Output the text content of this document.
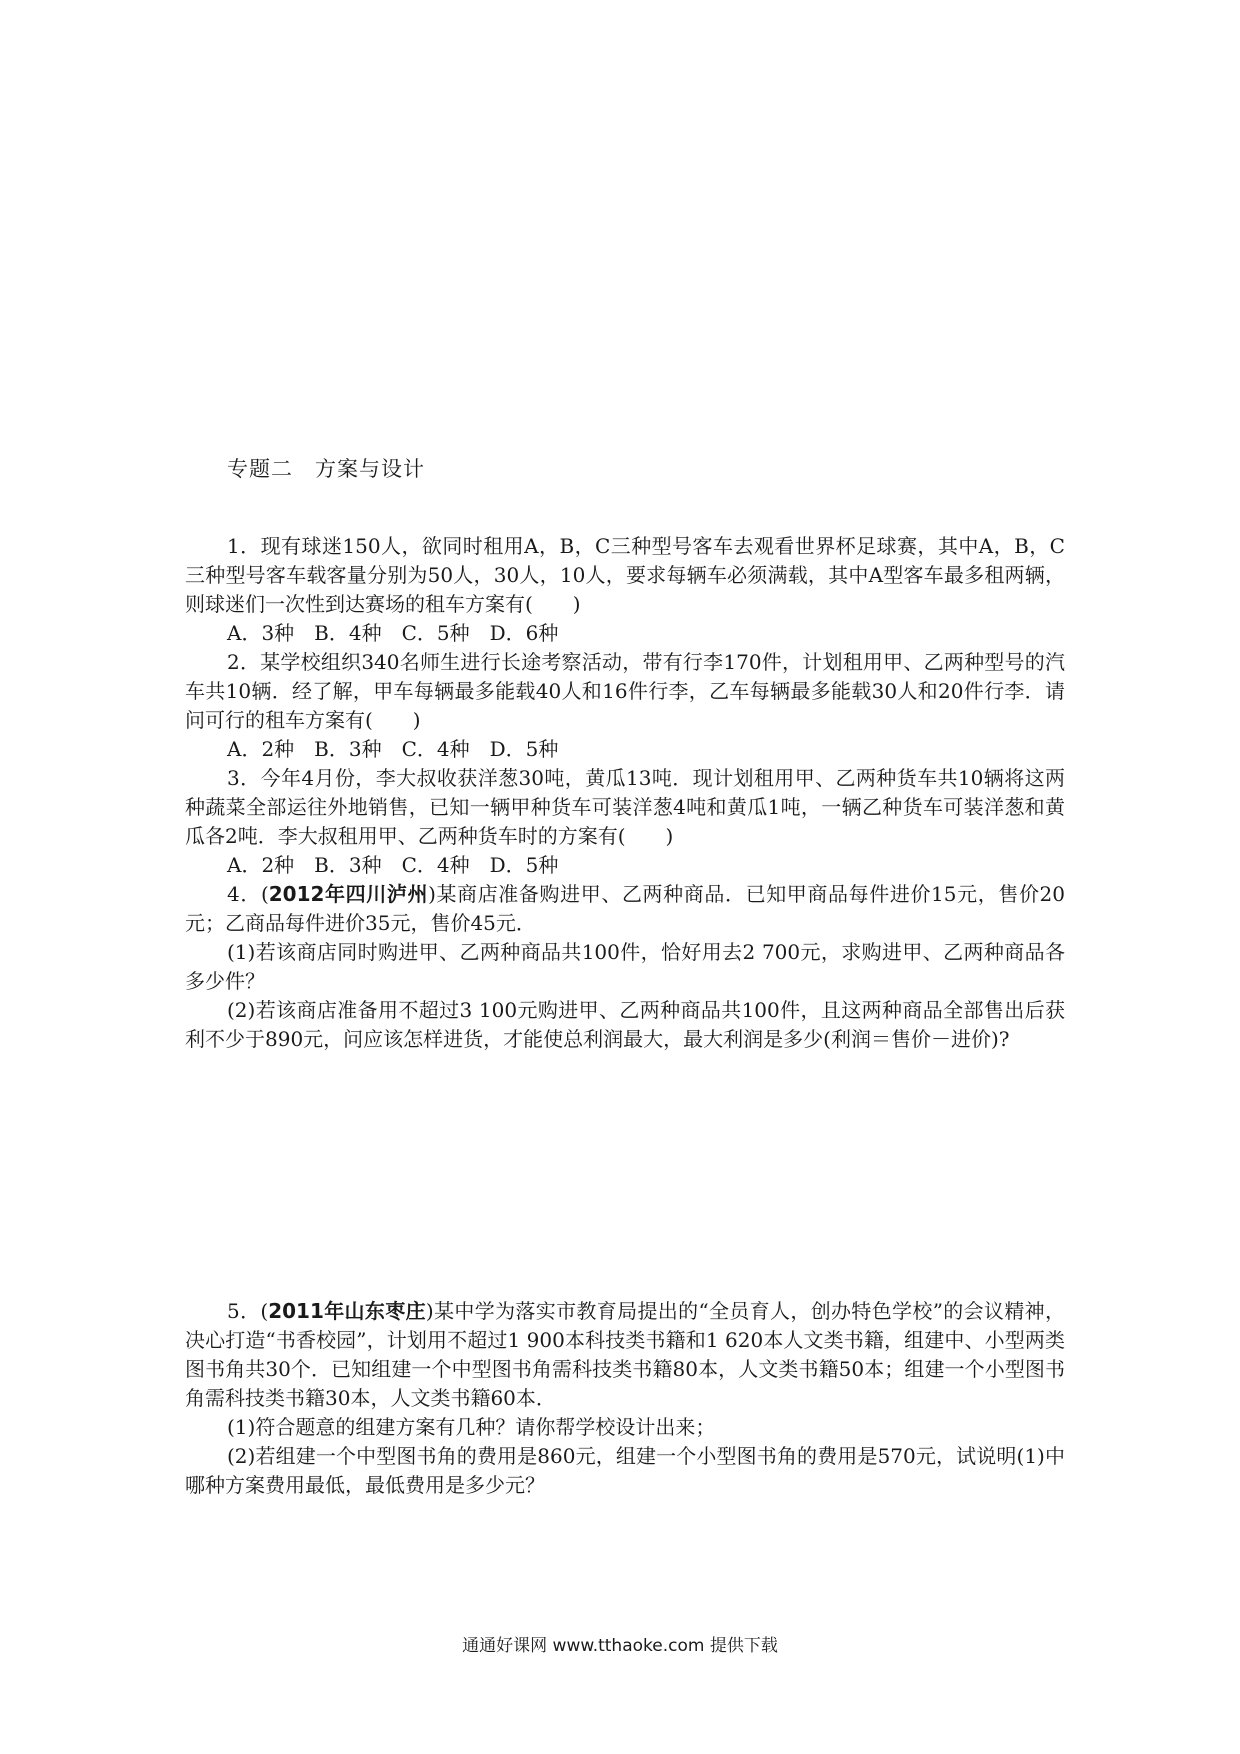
专题二　方案与设计

1．现有球迷150人，欲同时租用A，B，C三种型号客车去观看世界杯足球赛，其中A，B，C三种型号客车载客量分别为50人，30人，10人，要求每辆车必须满载，其中A型客车最多租两辆，则球迷们一次性到达赛场的租车方案有(　　)

A．3种　B．4种　C．5种　D．6种

2．某学校组织340名师生进行长途考察活动，带有行李170件，计划租用甲、乙两种型号的汽车共10辆．经了解，甲车每辆最多能载40人和16件行李，乙车每辆最多能载30人和20件行李．请问可行的租车方案有(　　)

A．2种　B．3种　C．4种　D．5种

3．今年4月份，李大叔收获洋葱30吨，黄瓜13吨．现计划租用甲、乙两种货车共10辆将这两种蔬菜全部运往外地销售，已知一辆甲种货车可装洋葱4吨和黄瓜1吨，一辆乙种货车可装洋葱和黄瓜各2吨．李大叔租用甲、乙两种货车时的方案有(　　)

A．2种　B．3种　C．4种　D．5种

4．(2012年四川泸州)某商店准备购进甲、乙两种商品．已知甲商品每件进价15元，售价20元；乙商品每件进价35元，售价45元．

(1)若该商店同时购进甲、乙两种商品共100件，恰好用去2 700元，求购进甲、乙两种商品各多少件？

(2)若该商店准备用不超过3 100元购进甲、乙两种商品共100件，且这两种商品全部售出后获利不少于890元，问应该怎样进货，才能使总利润最大，最大利润是多少(利润＝售价－进价)?

5．(2011年山东枣庄)某中学为落实市教育局提出的“全员育人，创办特色学校”的会议精神，决心打造“书香校园”，计划用不超过1 900本科技类书籍和1 620本人文类书籍，组建中、小型两类图书角共30个．已知组建一个中型图书角需科技类书籍80本，人文类书籍50本；组建一个小型图书角需科技类书籍30本，人文类书籍60本．

(1)符合题意的组建方案有几种？请你帮学校设计出来；

(2)若组建一个中型图书角的费用是860元，组建一个小型图书角的费用是570元，试说明(1)中哪种方案费用最低，最低费用是多少元？

通通好课网 www.tthaoke.com 提供下载
